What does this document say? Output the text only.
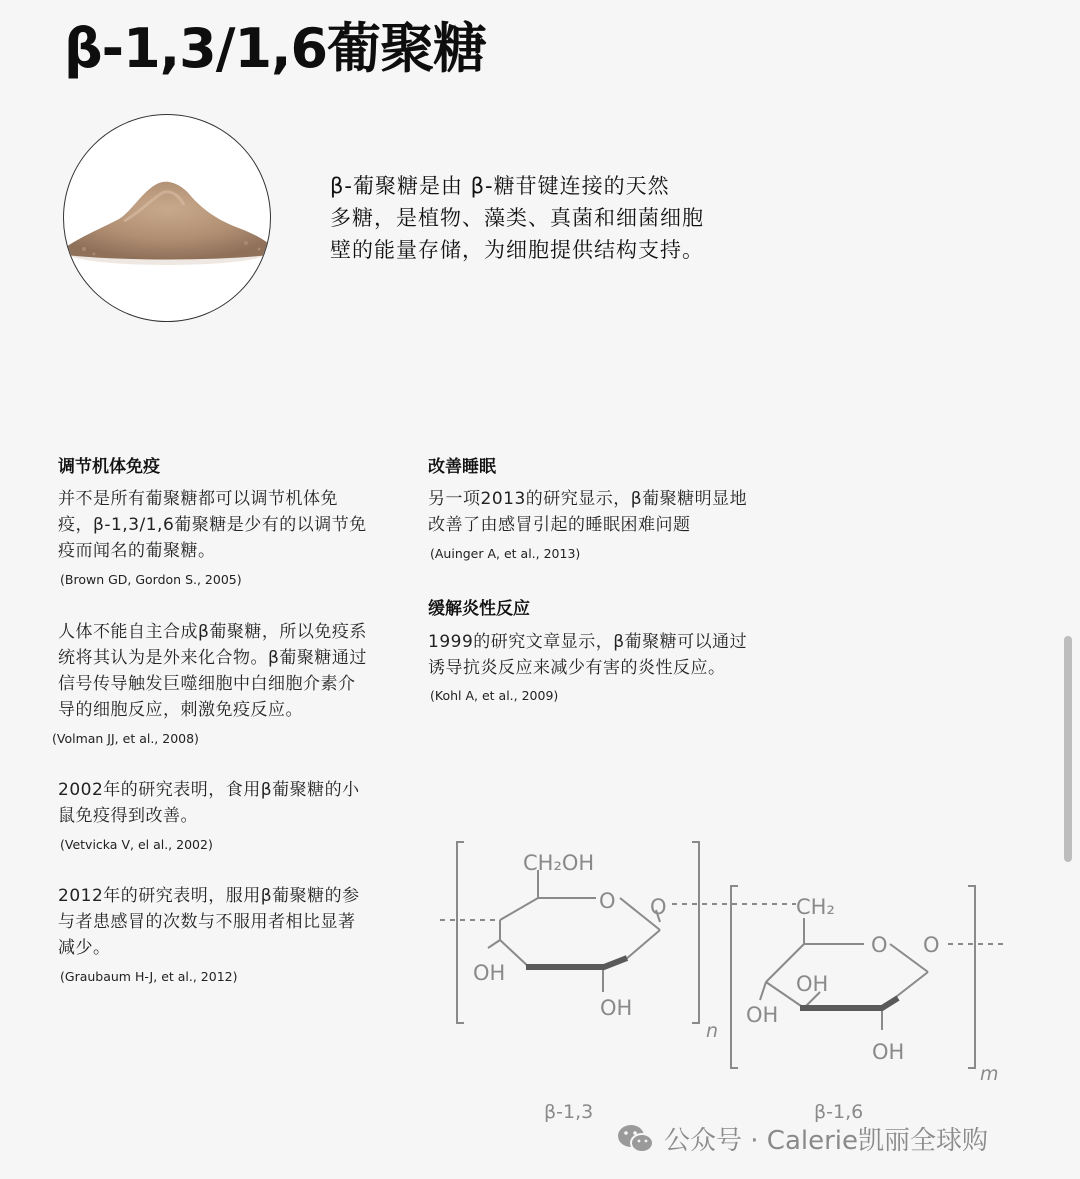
β-1,3/1,6葡聚糖
β-葡聚糖是由 β-糖苷键连接的天然
多糖，是植物、藻类、真菌和细菌细胞
壁的能量存储，为细胞提供结构支持。
调节机体免疫
并不是所有葡聚糖都可以调节机体免
疫，β-1,3/1,6葡聚糖是少有的以调节免
疫而闻名的葡聚糖。
(Brown GD, Gordon S., 2005)
人体不能自主合成β葡聚糖，所以免疫系
统将其认为是外来化合物。β葡聚糖通过
信号传导触发巨噬细胞中白细胞介素介
导的细胞反应，刺激免疫反应。
(Volman JJ, et al., 2008)
2002年的研究表明，食用β葡聚糖的小
鼠免疫得到改善。
(Vetvicka V, el al., 2002)
2012年的研究表明，服用β葡聚糖的参
与者患感冒的次数与不服用者相比显著
减少。
(Graubaum H-J, et al., 2012)
改善睡眠
另一项2013的研究显示，β葡聚糖明显地
改善了由感冒引起的睡眠困难问题
(Auinger A, et al., 2013)
缓解炎性反应
1999的研究文章显示，β葡聚糖可以通过
诱导抗炎反应来减少有害的炎性反应。
(Kohl A, et al., 2009)
CH₂OH
O O
OH
OH
CH₂
O O
OH
OH
OH
n
m
β-1,3	β-1,6
公众号 · Calerie凯丽全球购
